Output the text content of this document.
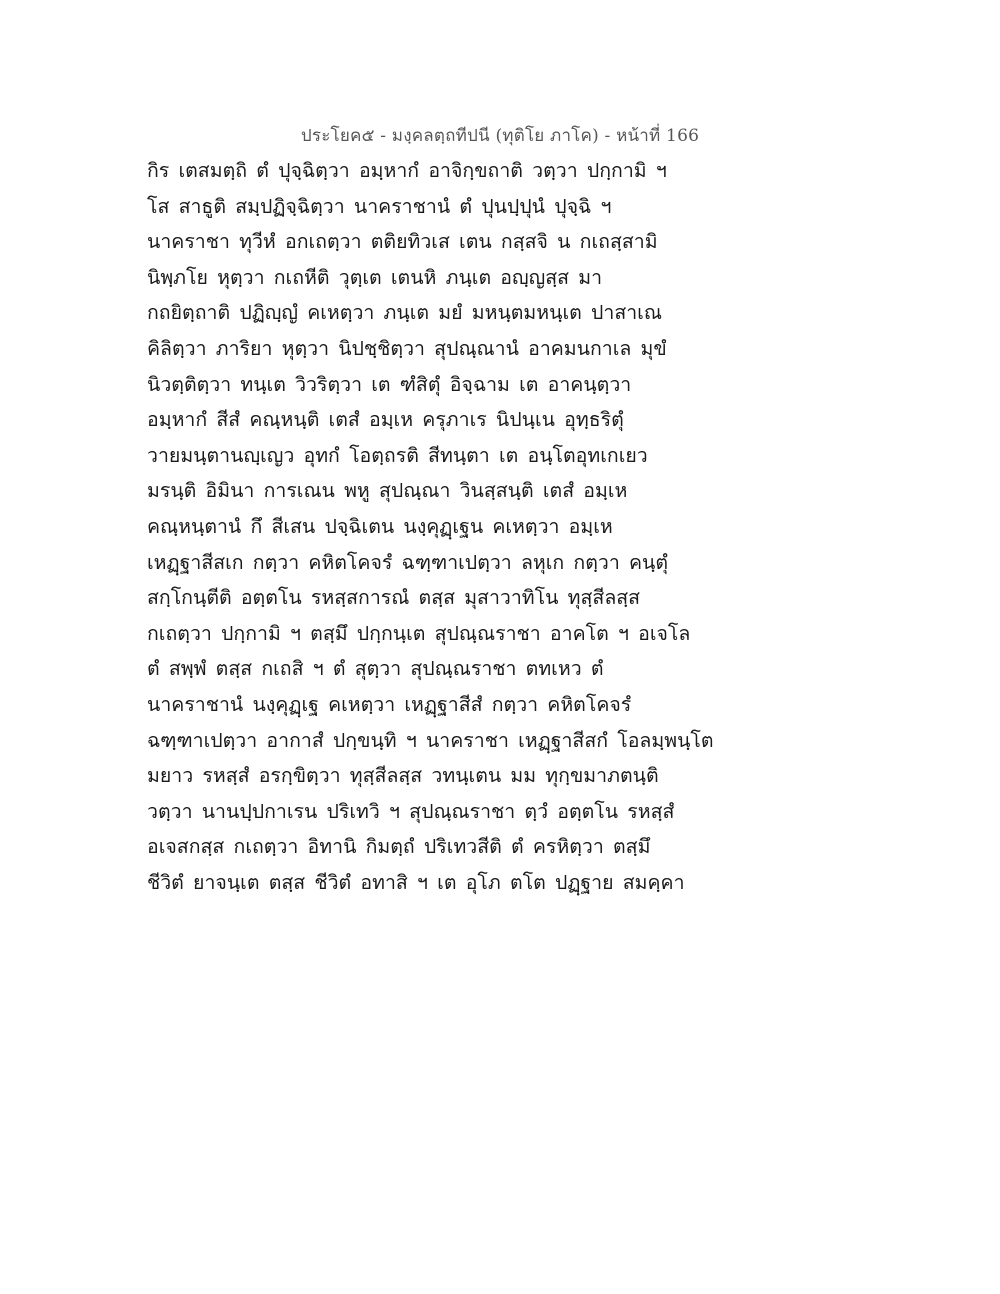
ประโยค๕ - มงฺคลตฺถทีปนี (ทุติโย ภาโค) - หน้าที่ 166
กิร เตสมตฺถิ ตํ ปุจฺฉิตฺวา อมฺหากํ อาจิกฺขถาติ วตฺวา ปกฺกามิ ฯ
โส สาธูติ สมฺปฏิจฺฉิตฺวา นาคราชานํ ตํ ปุนปฺปุนํ ปุจฺฉิ ฯ
นาคราชา ทุวีหํ อกเถตฺวา ตติยทิวเส เตน กสฺสจิ น กเถสฺสามิ
นิพฺภโย หุตฺวา กเถหีติ วุตฺเต เตนหิ ภนฺเต อญฺญสฺส มา
กถยิตฺถาติ ปฏิญฺญํ คเหตฺวา ภนฺเต มยํ มหนฺตมหนฺเต ปาสาเณ
คิลิตฺวา ภาริยา หุตฺวา นิปชฺชิตฺวา สุปณฺณานํ อาคมนกาเล มุขํ
นิวตฺติตฺวา ทนฺเต วิวริตฺวา เต ฑํสิตุํ อิจฺฉาม เต อาคนฺตฺวา
อมฺหากํ สีสํ คณฺหนฺติ เตสํ อมฺเห ครุภาเร นิปนฺเน อุทฺธริตุํ
วายมนฺตานญฺเญว อุทกํ โอตฺถรติ สีทนฺตา เต อนฺโตอุทเกเยว
มรนฺติ อิมินา การเณน พหู สุปณฺณา วินสฺสนฺติ เตสํ อมฺเห
คณฺหนฺตานํ กึ สีเสน ปจฺฉิเตน นงฺคุฏฺเฐน คเหตฺวา อมฺเห
เหฏฺฐาสีสเก กตฺวา คหิตโคจรํ ฉฑฺฑาเปตฺวา ลหุเก กตฺวา คนฺตุํ
สกฺโกนฺตีติ อตฺตโน รหสฺสการณํ ตสฺส มุสาวาทิโน ทุสฺสีลสฺส
กเถตฺวา ปกฺกามิ ฯ ตสฺมึ ปกฺกนฺเต สุปณฺณราชา อาคโต ฯ อเจโล
ตํ สพฺพํ ตสฺส กเถสิ ฯ ตํ สุตฺวา สุปณฺณราชา ตทเหว ตํ
นาคราชานํ นงฺคุฏฺเฐ คเหตฺวา เหฏฺฐาสีสํ กตฺวา คหิตโคจรํ
ฉฑฺฑาเปตฺวา อากาสํ ปกฺขนฺทิ ฯ นาคราชา เหฏฺฐาสีสกํ โอลมฺพนฺโต
มยาว รหสฺสํ อรกฺขิตฺวา ทุสฺสีลสฺส วทนฺเตน มม ทุกฺขมาภตนฺติ
วตฺวา นานปฺปกาเรน ปริเทวิ ฯ สุปณฺณราชา ตฺวํ อตฺตโน รหสฺสํ
อเจสกสฺส กเถตฺวา อิทานิ กิมตฺถํ ปริเทวสีติ ตํ ครหิตฺวา ตสฺมึ
ชีวิตํ ยาจนฺเต ตสฺส ชีวิตํ อทาสิ ฯ เต อุโภ ตโต ปฏฺฐาย สมคฺคา
